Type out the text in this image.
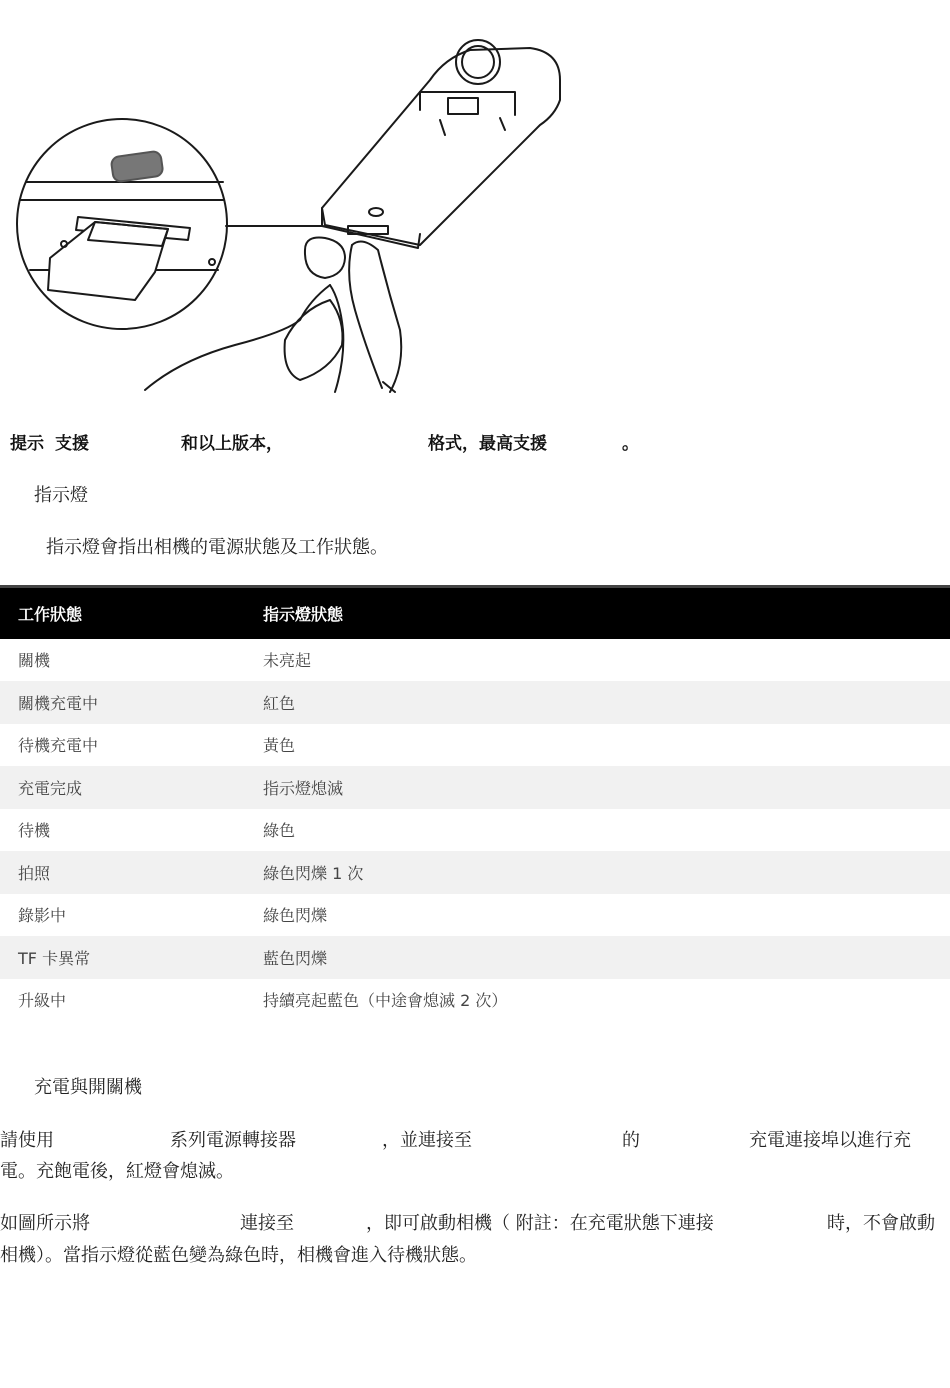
提示 支援	和以上版本，	格式，最高支援	。
指示燈
指示燈會指出相機的電源狀態及工作狀態。
工作狀態	指示燈狀態
關機	未亮起
關機充電中	紅色
待機充電中	黃色
充電完成	指示燈熄滅
待機	綠色
拍照	綠色閃爍 1 次
錄影中	綠色閃爍
TF 卡異常	藍色閃爍
升級中	持續亮起藍色（中途會熄滅 2 次）
充電與開關機
請使用	系列電源轉接器	，並連接至	的	充電連接埠以進行充
電。充飽電後，紅燈會熄滅。
如圖所示將	連接至	，即可啟動相機（ 附註：在充電狀態下連接	時，不會啟動
相機）。當指示燈從藍色變為綠色時，相機會進入待機狀態。
